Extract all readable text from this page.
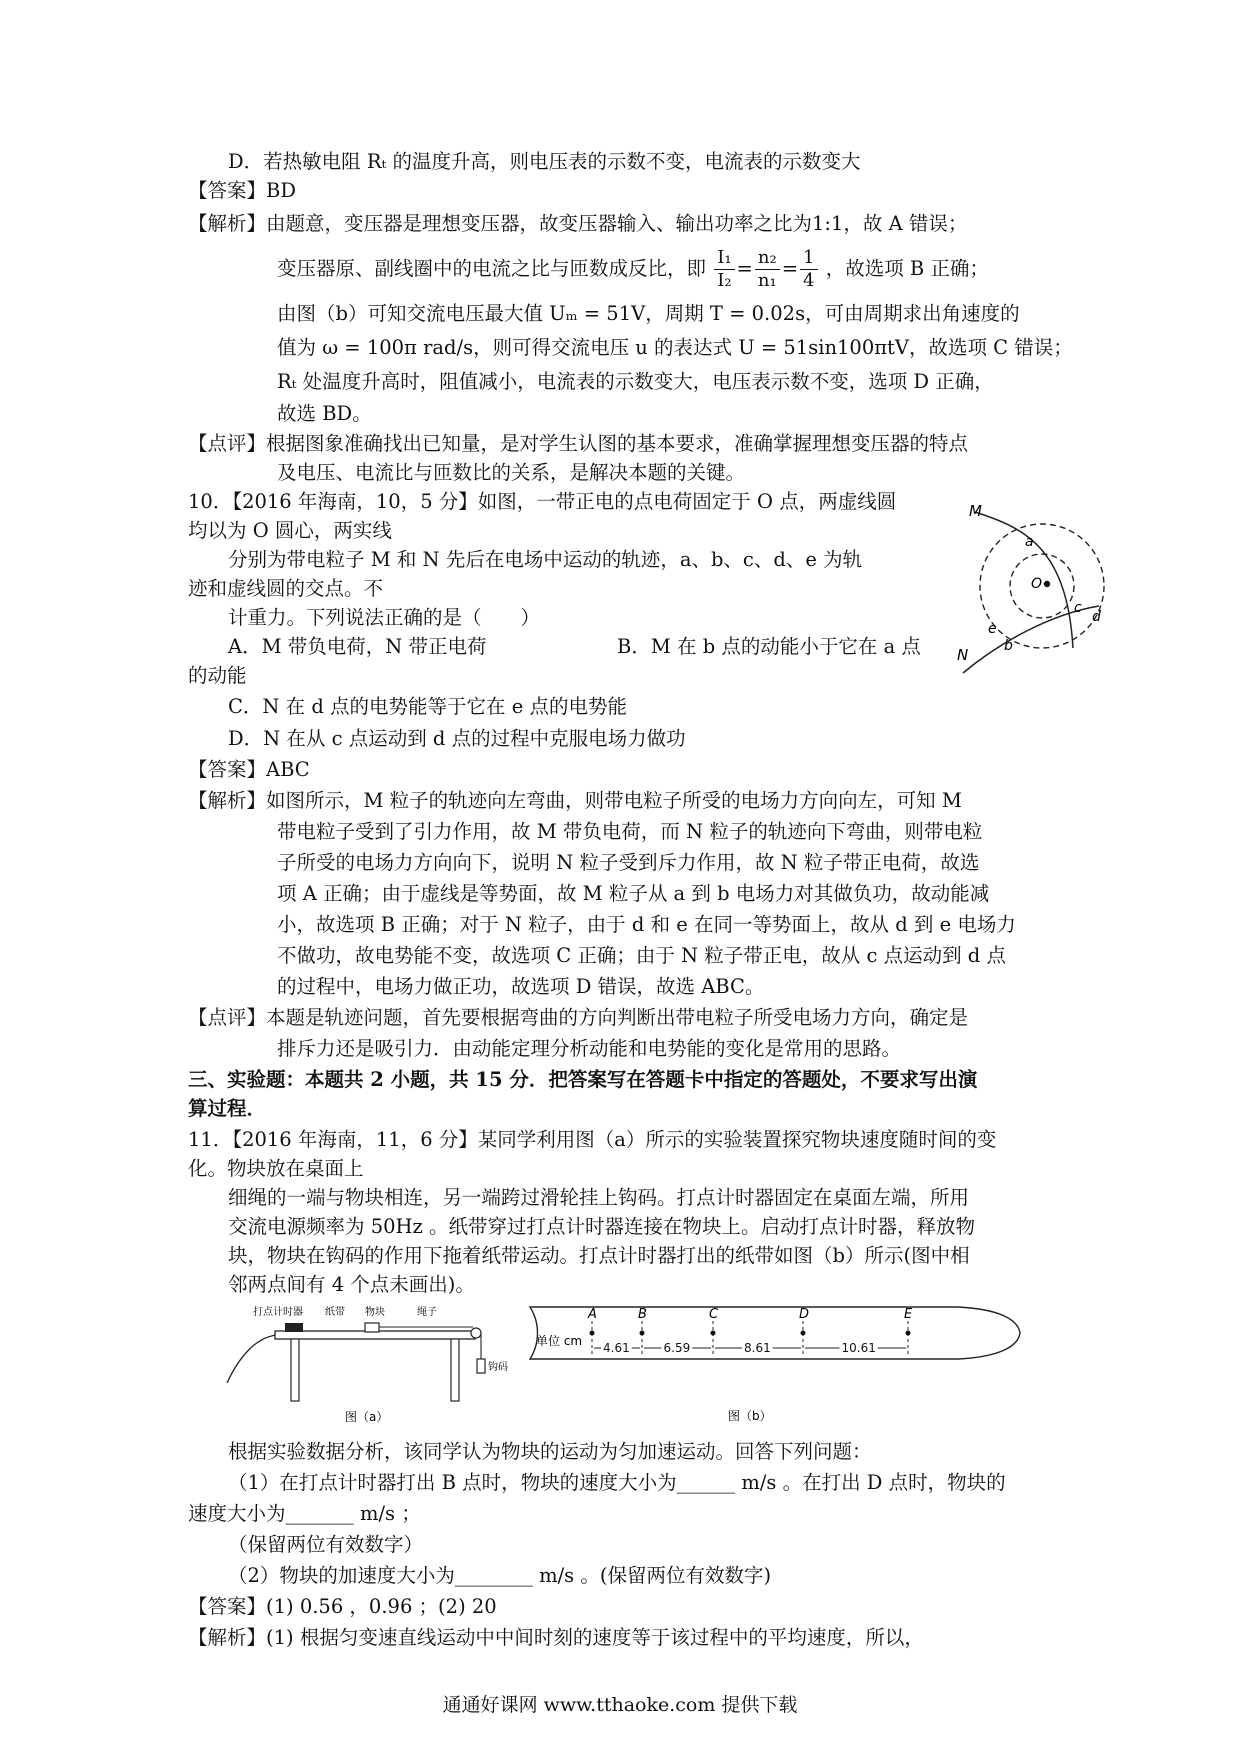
D．若热敏电阻 Rₜ 的温度升高，则电压表的示数不变，电流表的示数变大
【答案】BD
【解析】由题意，变压器是理想变压器，故变压器输入、输出功率之比为1:1，故 A 错误；
变压器原、副线圈中的电流之比与匝数成反比，即 $\frac{\text{I₁}}{\text{I₂}} = \frac{\text{n₂}}{\text{n₁}} = \frac{1}{4}$ ，故选项 B 正确；
由图（b）可知交流电压最大值 Uₘ = 51V，周期 T = 0.02s，可由周期求出角速度的
值为 ω = 100π rad/s，则可得交流电压 u 的表达式 U = 51sin100πtV，故选项 C 错误；
Rₜ 处温度升高时，阻值减小，电流表的示数变大，电压表示数不变，选项 D 正确，
故选 BD。
【点评】根据图象准确找出已知量，是对学生认图的基本要求，准确掌握理想变压器的特点
及电压、电流比与匝数比的关系，是解决本题的关键。
10．【2016 年海南，10，5 分】如图，一带正电的点电荷固定于 O 点，两虚线圆
均以为 O 圆心，两实线
分别为带电粒子 M 和 N 先后在电场中运动的轨迹，a、b、c、d、e 为轨
迹和虚线圆的交点。不
计重力。下列说法正确的是（　　）
A．M 带负电荷，N 带正电荷	B．M 在 b 点的动能小于它在 a 点
的动能
C．N 在 d 点的电势能等于它在 e 点的电势能
D．N 在从 c 点运动到 d 点的过程中克服电场力做功
【答案】ABC
【解析】如图所示，M 粒子的轨迹向左弯曲，则带电粒子所受的电场力方向向左，可知 M
带电粒子受到了引力作用，故 M 带负电荷，而 N 粒子的轨迹向下弯曲，则带电粒
子所受的电场力方向向下，说明 N 粒子受到斥力作用，故 N 粒子带正电荷，故选
项 A 正确；由于虚线是等势面，故 M 粒子从 a 到 b 电场力对其做负功，故动能减
小，故选项 B 正确；对于 N 粒子，由于 d 和 e 在同一等势面上，故从 d 到 e 电场力
不做功，故电势能不变，故选项 C 正确；由于 N 粒子带正电，故从 c 点运动到 d 点
的过程中，电场力做正功，故选项 D 错误，故选 ABC。
【点评】本题是轨迹问题，首先要根据弯曲的方向判断出带电粒子所受电场力方向，确定是
排斥力还是吸引力．由动能定理分析动能和电势能的变化是常用的思路。
M
N
O
a
b
c
d
e
三、实验题：本题共 2 小题，共 15 分．把答案写在答题卡中指定的答题处，不要求写出演
算过程．
11．【2016 年海南，11，6 分】某同学利用图（a）所示的实验装置探究物块速度随时间的变
化。物块放在桌面上
细绳的一端与物块相连，另一端跨过滑轮挂上钩码。打点计时器固定在桌面左端，所用
交流电源频率为 50Hz 。纸带穿过打点计时器连接在物块上。启动打点计时器，释放物
块，物块在钩码的作用下拖着纸带运动。打点计时器打出的纸带如图（b）所示(图中相
邻两点间有 4 个点未画出)。
打点计时器 纸带 物块	绳子
钩码
图（a）
A	B	C	D	E
4.61	6.59	8.61	10.61
单位 cm
图（b）
根据实验数据分析，该同学认为物块的运动为匀加速运动。回答下列问题：
（1）在打点计时器打出 B 点时，物块的速度大小为______ m/s 。在打出 D 点时，物块的
速度大小为_______ m/s ；
（保留两位有效数字）
（2）物块的加速度大小为________ m/s 。(保留两位有效数字)
【答案】(1) 0.56 ，0.96 ；(2) 20
【解析】(1) 根据匀变速直线运动中中间时刻的速度等于该过程中的平均速度，所以，
通通好课网 www.tthaoke.com 提供下载
